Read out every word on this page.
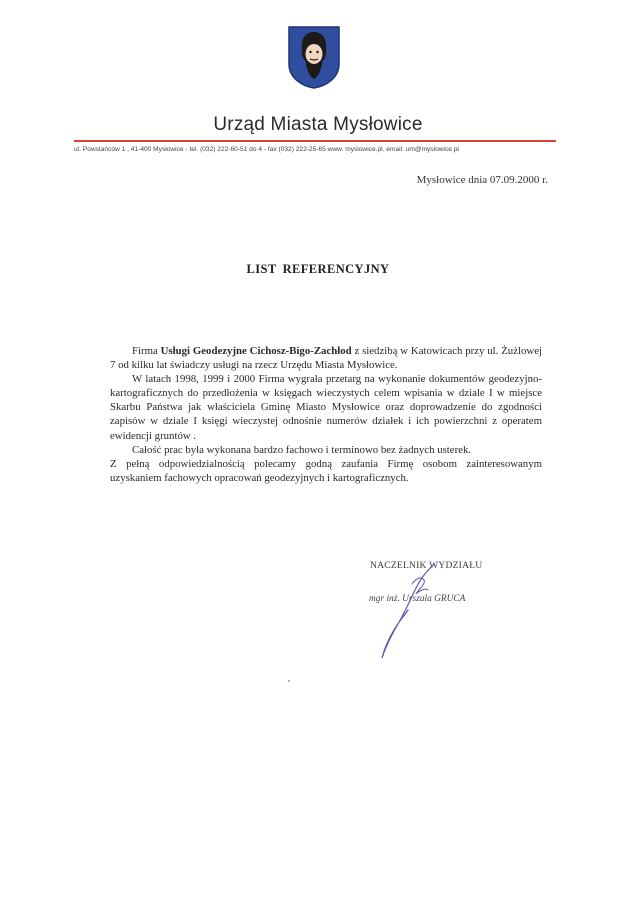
Urząd Miasta Mysłowice
ul. Powstańców 1 , 41-400 Mysłowice - tel. (032) 222-60-51 do 4 - fax (032) 222-25-65 www. myslowice.pl. email: um@myslowice.pl
Mysłowice dnia 07.09.2000 r.
LIST REFERENCYJNY

Firma Usługi Geodezyjne Cichosz-Bigo-Zachłod z siedzibą w Katowicach przy ul. Żużlowej 7 od kilku lat świadczy usługi na rzecz Urzędu Miasta Mysłowice.

W latach 1998, 1999 i 2000 Firma wygrała przetarg na wykonanie dokumentów geodezyjno-kartograficznych do przedłożenia w księgach wieczystych celem wpisania w dziale I w miejsce Skarbu Państwa jak właściciela Gminę Miasto Mysłowice oraz doprowadzenie do zgodności zapisów w dziale I księgi wieczystej odnośnie numerów działek i ich powierzchni z operatem ewidencji gruntów .

Całość prac była wykonana bardzo fachowo i terminowo bez żadnych usterek.

Z pełną odpowiedzialnością polecamy godną zaufania Firmę osobom zainteresowanym uzyskaniem fachowych opracowań geodezyjnych i kartograficznych.

NACZELNIK WYDZIAŁU
mgr inż. Urszula GRUCA
